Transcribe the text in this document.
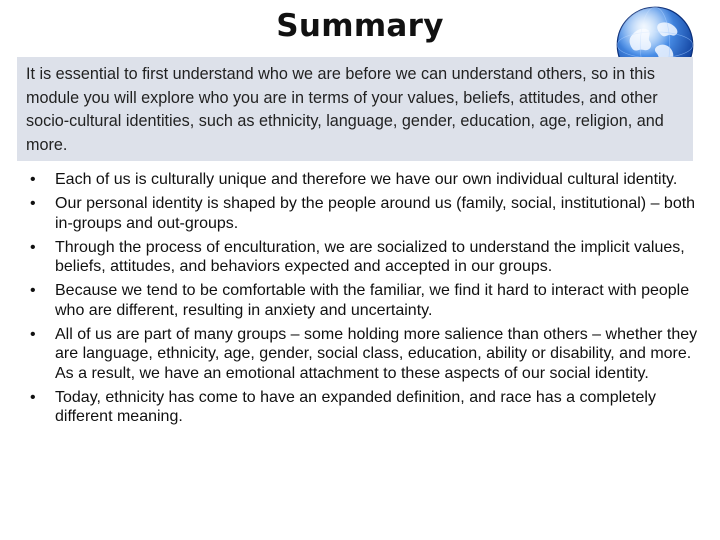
Summary

It is essential to first understand who we are before we can understand others, so in this module you will explore who you are in terms of your values, beliefs, attitudes, and other socio-cultural identities, such as ethnicity, language, gender, education, age, religion, and more.

• Each of us is culturally unique and therefore we have our own individual cultural identity.
• Our personal identity is shaped by the people around us (family, social, institutional) – both in-groups and out-groups.
• Through the process of enculturation, we are socialized to understand the implicit values, beliefs, attitudes, and behaviors expected and accepted in our groups.
• Because we tend to be comfortable with the familiar, we find it hard to interact with people who are different, resulting in anxiety and uncertainty.
• All of us are part of many groups – some holding more salience than others – whether they are language, ethnicity, age, gender, social class, education, ability or disability, and more. As a result, we have an emotional attachment to these aspects of our social identity.
• Today, ethnicity has come to have an expanded definition, and race has a completely different meaning.
